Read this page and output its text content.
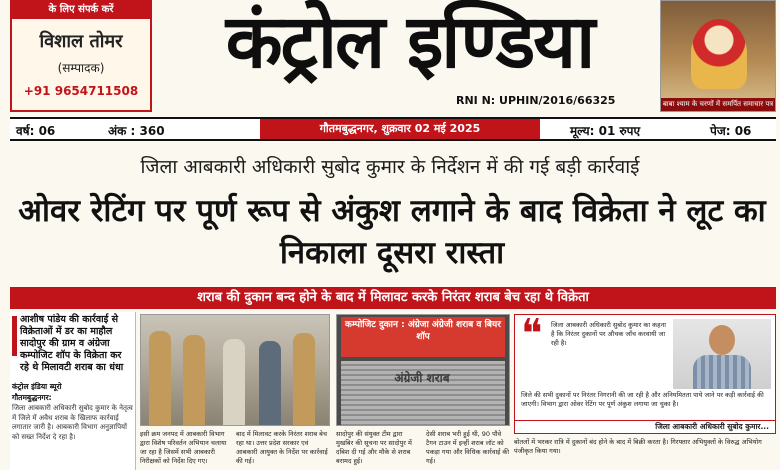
के लिए संपर्क करें
विशाल तोमर
(सम्पादक)
+91 9654711508
कंट्रोल इण्डिया
RNI N: UPHIN/2016/66325	बाबा श्याम के चरणों में समर्पित समाचार पत्र
वर्ष: 06	अंक : 360	गौतमबुद्धनगर, शुक्रवार 02 मई 2025	मूल्य: 01 रुपए	पेज: 06
जिला आबकारी अधिकारी सुबोद कुमार के निर्देशन में की गई बड़ी कार्रवाई
ओवर रेटिंग पर पूर्ण रूप से अंकुश लगाने के बाद विक्रेता ने लूट का निकाला दूसरा रास्ता
शराब की दुकान बन्द होने के बाद में मिलावट करके निरंतर शराब बेच रहा थे विक्रेता
आशीष पांडेय की कार्रवाई से विक्रेताओं में डर का माहौल सादोपुर की ग्राम व अंग्रेजा कम्पोजिट शॉप के विक्रेता कर रहे थे मिलावटी शराब का धंधा
कंट्रोल इंडिया ब्यूरो
गौतमबुद्धनगर:
जिला आबकारी अधिकारी सुबोद कुमार के नेतृत्व में जिले में अवैध शराब के खिलाफ कार्रवाई लगातार जारी है। आबकारी विभाग अनुज्ञापियों को सख्त निर्देश दे रहा है।
कम्पोजिट दुकान : अंग्रेजा अंग्रेजी शराब व बियर शॉप
अंग्रेजी शराब
❝ जिला आबकारी अधिकारी सुबोद कुमार का कहना है कि निरंतर दुकानों पर औचक जाँच करवायी जा रही है।
जिले की सभी दुकानों पर निरंतर निगरानी की जा रही है और अनियमितता पाये जाने पर कड़ी कार्रवाई की जाएगी। विभाग द्वारा ओवर रेटिंग पर पूर्ण अंकुश लगाया जा चुका है।
जिला आबकारी अधिकारी सुबोद कुमार...
इसी क्रम जनपद में आबकारी विभाग द्वारा विशेष परिवर्तन अभियान चलाया जा रहा है जिसमें सभी आबकारी निरीक्षकों को निर्देश दिए गए।
बाद में मिलावट करके निरंतर शराब बेच रहा था। उत्तर प्रदेश सरकार एवं आबकारी आयुक्त के निर्देश पर कार्रवाई की गई।
सादोपुर की संयुक्त टीम द्वारा मुखबिर की सूचना पर सादोपुर में दबिश दी गई और मौके से शराब बरामद हुई।
देसी शराब भरी हुई थी, 90 पौवे टैगन टाउन में इन्हीं शराब लॉट को पकड़ा गया और विधिक कार्रवाई की गई।
बोतलों में भरकर रात्रि में दुकानों बंद होने के बाद में बिक्री करता है। गिरफ्तार अभियुक्तों के विरुद्ध अभियोग पंजीकृत किया गया।
